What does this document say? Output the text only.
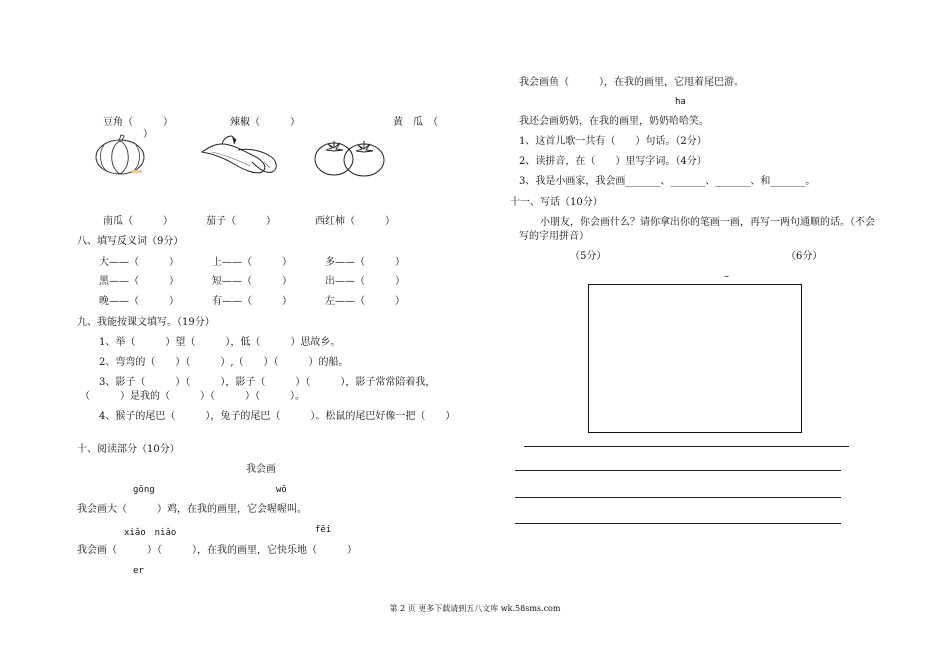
豆角（　　　）	辣椒（　　　）	黄　瓜　（
）
南瓜（　　　）	茄子（　　　）	西红柿（　　　）
八、填写反义词（9分）
大——（　　　）	上——（　　　）	多——（　　　）
黑——（　　　）	短——（　　　）	出——（　　　）
晚——（　　　）	有——（　　　）	左——（　　　）
九、我能按课文填写。（19分）
1、举（　　　）望（　　　），低（　　　）思故乡。
2、弯弯的（　　）（　　　）,（　　）（　　　）的船。
3、影子（　　　）（　　　），影子（　　　）（　　　），影子常常陪着我，
（　　　）是我的（　　　）（　　　）（　　　）。
4、猴子的尾巴（　　　），兔子的尾巴（　　　）。松鼠的尾巴好像一把（　　）
十、阅读部分（10分）
我会画
gōng	wō
我会画大（　　　）鸡，在我的画里，它会喔喔叫。
xiǎo　niǎo	fēi
我会画（　　　）（　　　），在我的画里，它快乐地（　　　）
er
我会画鱼（　　　），在我的画里，它甩着尾巴游。
ha
我还会画奶奶，在我的画里，奶奶哈哈笑。
1、这首儿歌一共有（　　）句话。（2分）
2、读拼音，在（　　）里写字词。（4分）
3、我是小画家，我会画_______、_______、_______、和_______。
十一、写话（10分）
小朋友，你会画什么？请你拿出你的笔画一画，再写一两句通顺的话。（不会
写的字用拼音）
（5分）	（6分）
–
第 2 页 更多下载请到五八文库 wk.58sms.com
